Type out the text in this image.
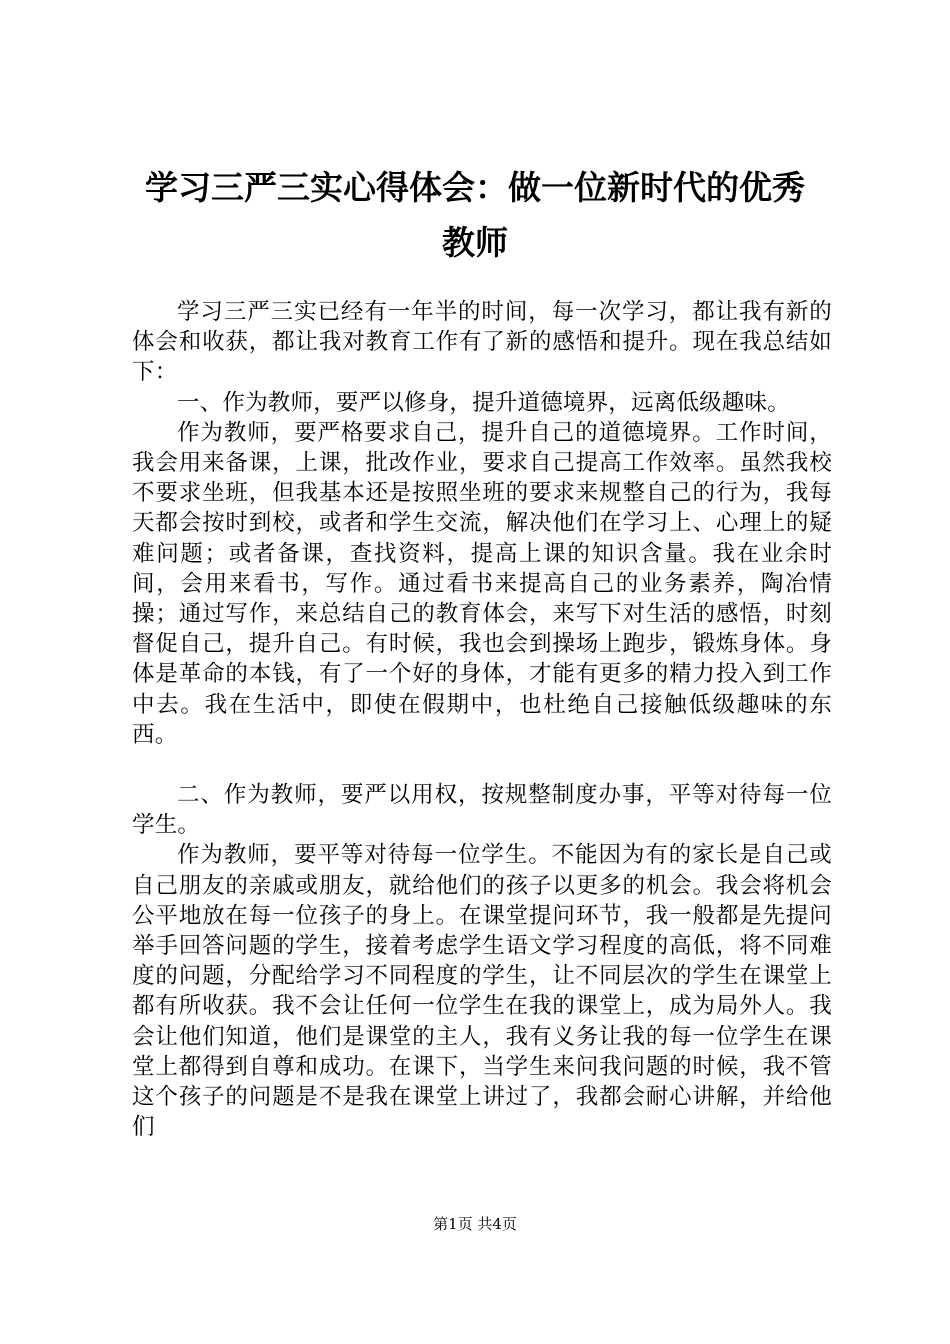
学习三严三实心得体会：做一位新时代的优秀
教师

学习三严三实已经有一年半的时间，每一次学习，都让我有新的体会和收获，都让我对教育工作有了新的感悟和提升。现在我总结如下：

一、作为教师，要严以修身，提升道德境界，远离低级趣味。

作为教师，要严格要求自己，提升自己的道德境界。工作时间，我会用来备课，上课，批改作业，要求自己提高工作效率。虽然我校不要求坐班，但我基本还是按照坐班的要求来规整自己的行为，我每天都会按时到校，或者和学生交流，解决他们在学习上、心理上的疑难问题；或者备课，查找资料，提高上课的知识含量。我在业余时间，会用来看书，写作。通过看书来提高自己的业务素养，陶冶情操；通过写作，来总结自己的教育体会，来写下对生活的感悟，时刻督促自己，提升自己。有时候，我也会到操场上跑步，锻炼身体。身体是革命的本钱，有了一个好的身体，才能有更多的精力投入到工作中去。我在生活中，即使在假期中，也杜绝自己接触低级趣味的东西。

二、作为教师，要严以用权，按规整制度办事，平等对待每一位学生。

作为教师，要平等对待每一位学生。不能因为有的家长是自己或自己朋友的亲戚或朋友，就给他们的孩子以更多的机会。我会将机会公平地放在每一位孩子的身上。在课堂提问环节，我一般都是先提问举手回答问题的学生，接着考虑学生语文学习程度的高低，将不同难度的问题，分配给学习不同程度的学生，让不同层次的学生在课堂上都有所收获。我不会让任何一位学生在我的课堂上，成为局外人。我会让他们知道，他们是课堂的主人，我有义务让我的每一位学生在课堂上都得到自尊和成功。在课下，当学生来问我问题的时候，我不管这个孩子的问题是不是我在课堂上讲过了，我都会耐心讲解，并给他们

第1页 共4页
